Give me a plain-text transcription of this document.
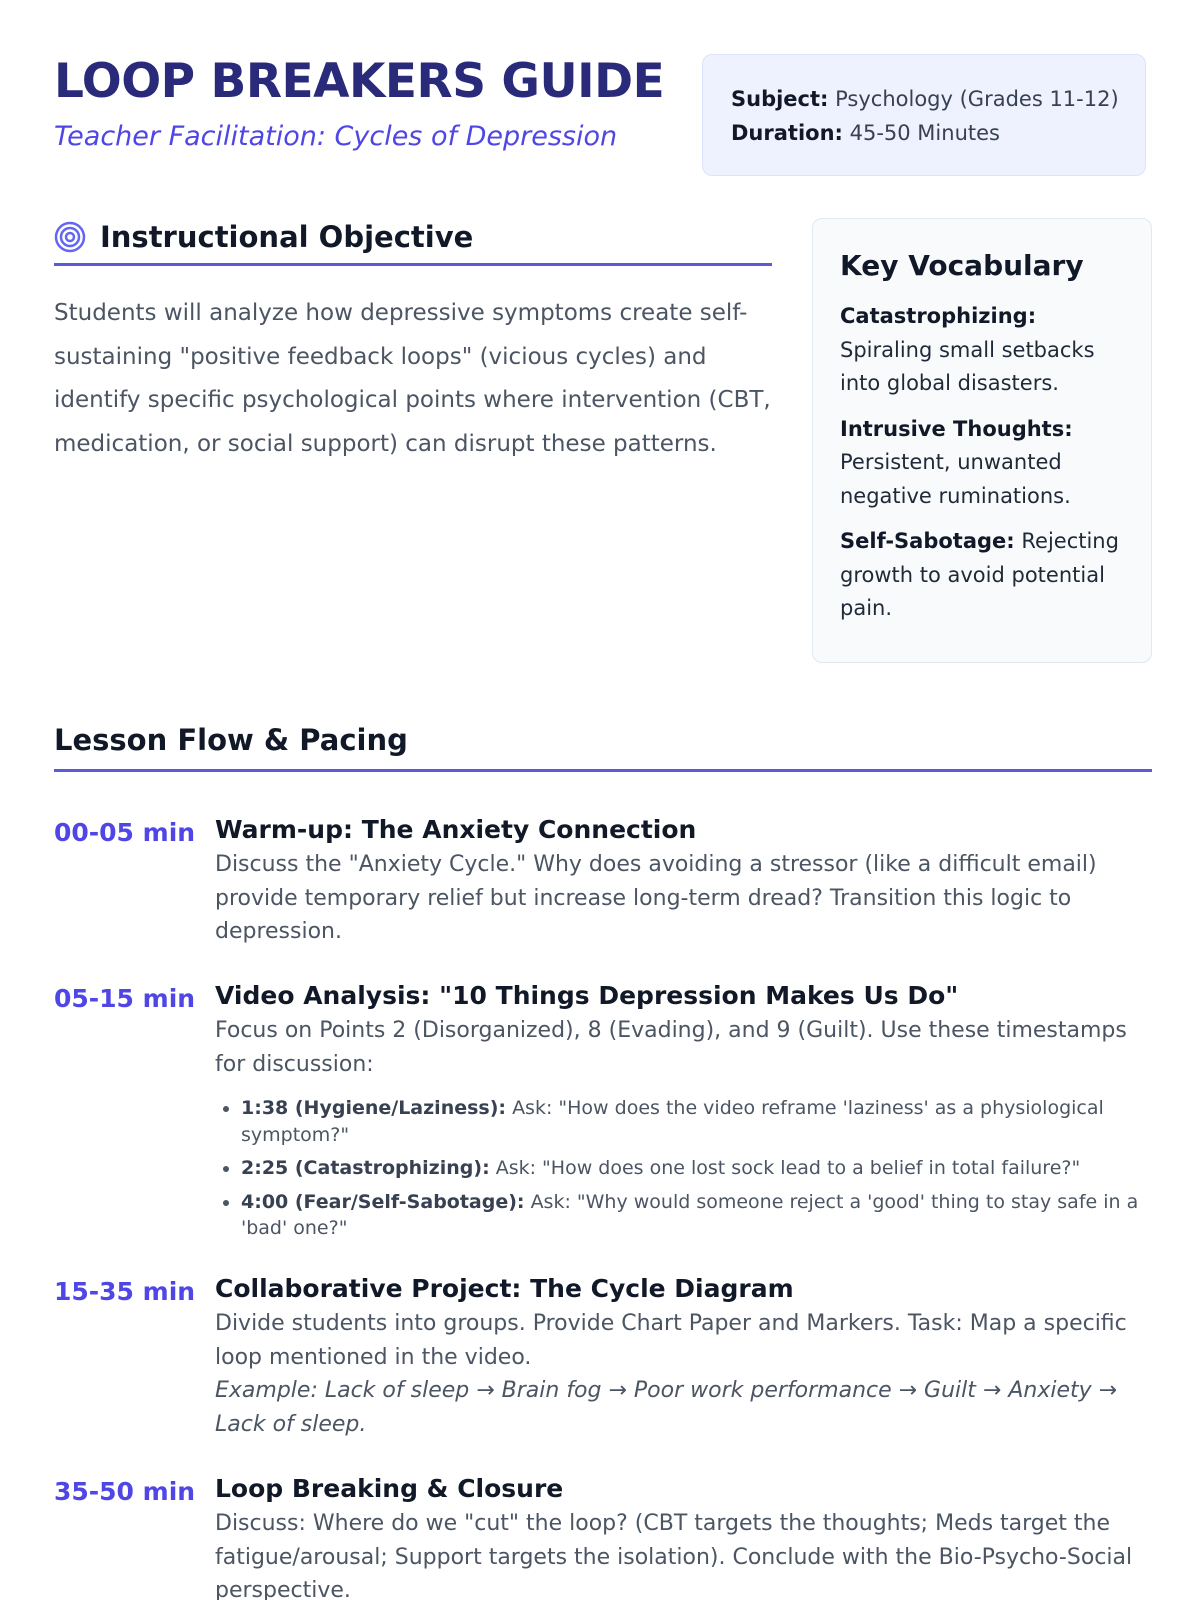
LOOP BREAKERS GUIDE
Teacher Facilitation: Cycles of Depression
Subject: Psychology (Grades 11-12)
Duration: 45-50 Minutes
Instructional Objective

Students will analyze how depressive symptoms create self-sustaining "positive feedback loops" (vicious cycles) and identify specific psychological points where intervention (CBT, medication, or social support) can disrupt these patterns.

Key Vocabulary
Catastrophizing: Spiraling small setbacks into global disasters.
Intrusive Thoughts: Persistent, unwanted negative ruminations.
Self-Sabotage: Rejecting growth to avoid potential pain.
Lesson Flow & Pacing
00-05 min Warm-up: The Anxiety Connection
Discuss the "Anxiety Cycle." Why does avoiding a stressor (like a difficult email) provide temporary relief but increase long-term dread? Transition this logic to depression.
05-15 min Video Analysis: "10 Things Depression Makes Us Do"
Focus on Points 2 (Disorganized), 8 (Evading), and 9 (Guilt). Use these timestamps for discussion:
• 1:38 (Hygiene/Laziness): Ask: "How does the video reframe 'laziness' as a physiological symptom?"
• 2:25 (Catastrophizing): Ask: "How does one lost sock lead to a belief in total failure?"
• 4:00 (Fear/Self-Sabotage): Ask: "Why would someone reject a 'good' thing to stay safe in a 'bad' one?"
15-35 min Collaborative Project: The Cycle Diagram
Divide students into groups. Provide Chart Paper and Markers. Task: Map a specific loop mentioned in the video.
Example: Lack of sleep → Brain fog → Poor work performance → Guilt → Anxiety → Lack of sleep.
35-50 min Loop Breaking & Closure
Discuss: Where do we "cut" the loop? (CBT targets the thoughts; Meds target the fatigue/arousal; Support targets the isolation). Conclude with the Bio-Psycho-Social perspective.
